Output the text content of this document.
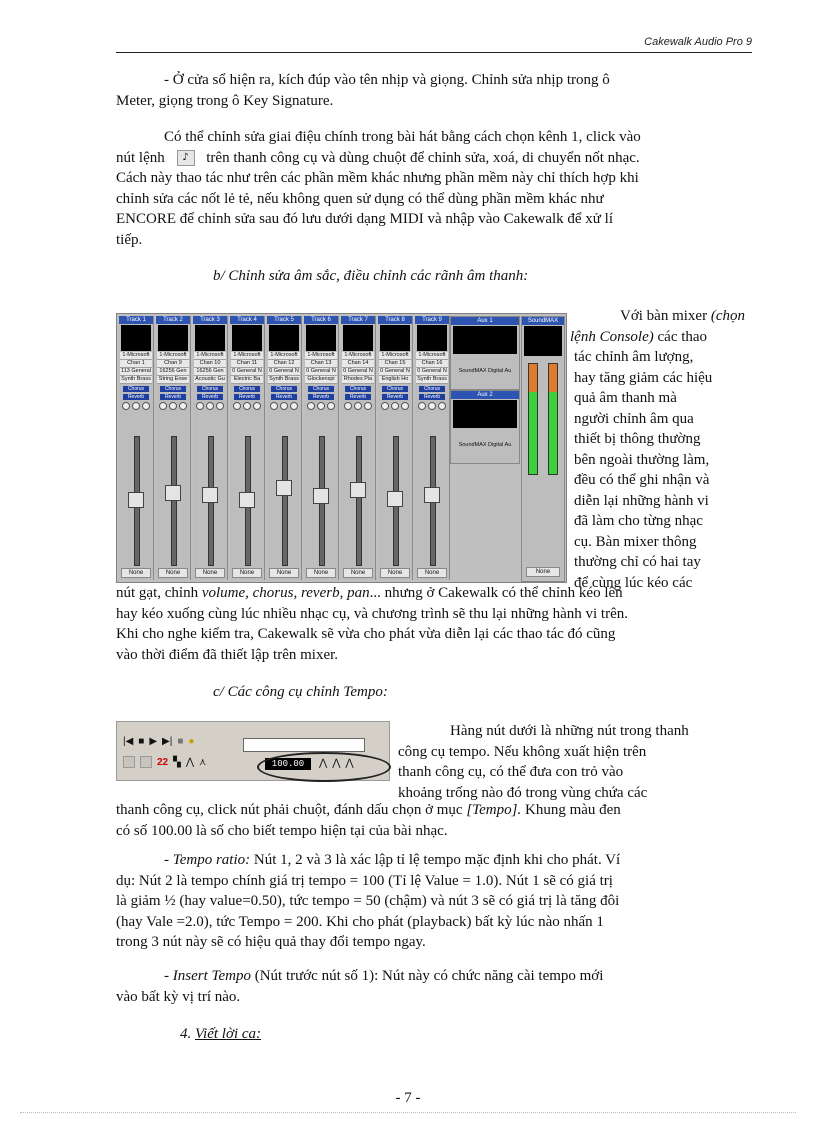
Cakewalk Audio Pro 9
- Ở cửa sổ hiện ra, kích đúp vào tên nhịp và giọng. Chỉnh sửa nhịp trong ô
Meter, giọng trong ô Key Signature.
Có thể chỉnh sửa giai điệu chính trong bài hát bằng cách chọn kênh 1, click vào
nút lệnh ♪ trên thanh công cụ và dùng chuột để chỉnh sửa, xoá, di chuyển nốt nhạc.
Cách này thao tác như trên các phần mềm khác nhưng phần mềm này chỉ thích hợp khi
chỉnh sửa các nốt lẻ tẻ, nếu không quen sử dụng có thể dùng phần mềm khác như
ENCORE để chỉnh sửa sau đó lưu dưới dạng MIDI và nhập vào Cakewalk để xử lí
tiếp.
b/ Chỉnh sửa âm sắc, điều chỉnh các rãnh âm thanh:
Track 1
1-Microsoft
Chan 1
113 General
Synth Brass
Chorus
Reverb
None
Track 2
1-Microsoft
Chan 9
16256 Gen
String Ense
Chorus
Reverb
None
Track 3
1-Microsoft
Chan 10
16256 Gen
Acoustic Gu
Chorus
Reverb
None
Track 4
1-Microsoft
Chan 11
0 General N
Electric Ba
Chorus
Reverb
None
Track 5
1-Microsoft
Chan 12
0 General N
Synth Brass
Chorus
Reverb
None
Track 6
1-Microsoft
Chan 13
0 General N
Glockenspi
Chorus
Reverb
None
Track 7
1-Microsoft
Chan 14
0 General N
Rhodes Pia
Chorus
Reverb
None
Track 8
1-Microsoft
Chan 15
0 General N
English Ho
Chorus
Reverb
None
Track 9
1-Microsoft
Chan 16
0 General N
Synth Brass
Chorus
Reverb
None
Aux 1
SoundMAX Digital Au
Aux 2
SoundMAX Digital Au
SoundMAX
None
Với bàn mixer (chọn
lệnh Console) các thao
tác chỉnh âm lượng,
hay tăng giảm các hiệu
quả âm thanh mà
người chỉnh âm qua
thiết bị thông thường
bên ngoài thường làm,
đều có thể ghi nhận và
diễn lại những hành vi
đã làm cho từng nhạc
cụ. Bàn mixer thông
thường chỉ có hai tay
để cùng lúc kéo các
nút gạt, chỉnh volume, chorus, reverb, pan... nhưng ở Cakewalk có thể chỉnh kéo lên
hay kéo xuống cùng lúc nhiều nhạc cụ, và chương trình sẽ thu lại những hành vi trên.
Khi cho nghe kiểm tra, Cakewalk sẽ vừa cho phát vừa diễn lại các thao tác đó cũng
vào thời điểm đã thiết lập trên mixer.
c/ Các công cụ chỉnh Tempo:
|◀ ■ ▶ ▶| ■ ●
22 ▚ ⋀ ⋏	100.00	⋀ ⋀ ⋀
Hàng nút dưới là những nút trong thanh
công cụ tempo. Nếu không xuất hiện trên
thanh công cụ, có thể đưa con trỏ vào
khoảng trống nào đó trong vùng chứa các
thanh công cụ, click nút phải chuột, đánh dấu chọn ở mục [Tempo]. Khung màu đen
có số 100.00 là số cho biết tempo hiện tại của bài nhạc.
- Tempo ratio: Nút 1, 2 và 3 là xác lập tỉ lệ tempo mặc định khi cho phát. Ví
dụ: Nút 2 là tempo chính giá trị tempo = 100 (Tỉ lệ Value = 1.0). Nút 1 sẽ có giá trị
là giảm ½ (hay value=0.50), tức tempo = 50 (chậm) và nút 3 sẽ có giá trị là tăng đôi
(hay Vale =2.0), tức Tempo = 200. Khi cho phát (playback) bất kỳ lúc nào nhấn 1
trong 3 nút này sẽ có hiệu quả thay đổi tempo ngay.
- Insert Tempo (Nút trước nút số 1): Nút này có chức năng cài tempo mới
vào bất kỳ vị trí nào.
4. Viết lời ca:
- 7 -
